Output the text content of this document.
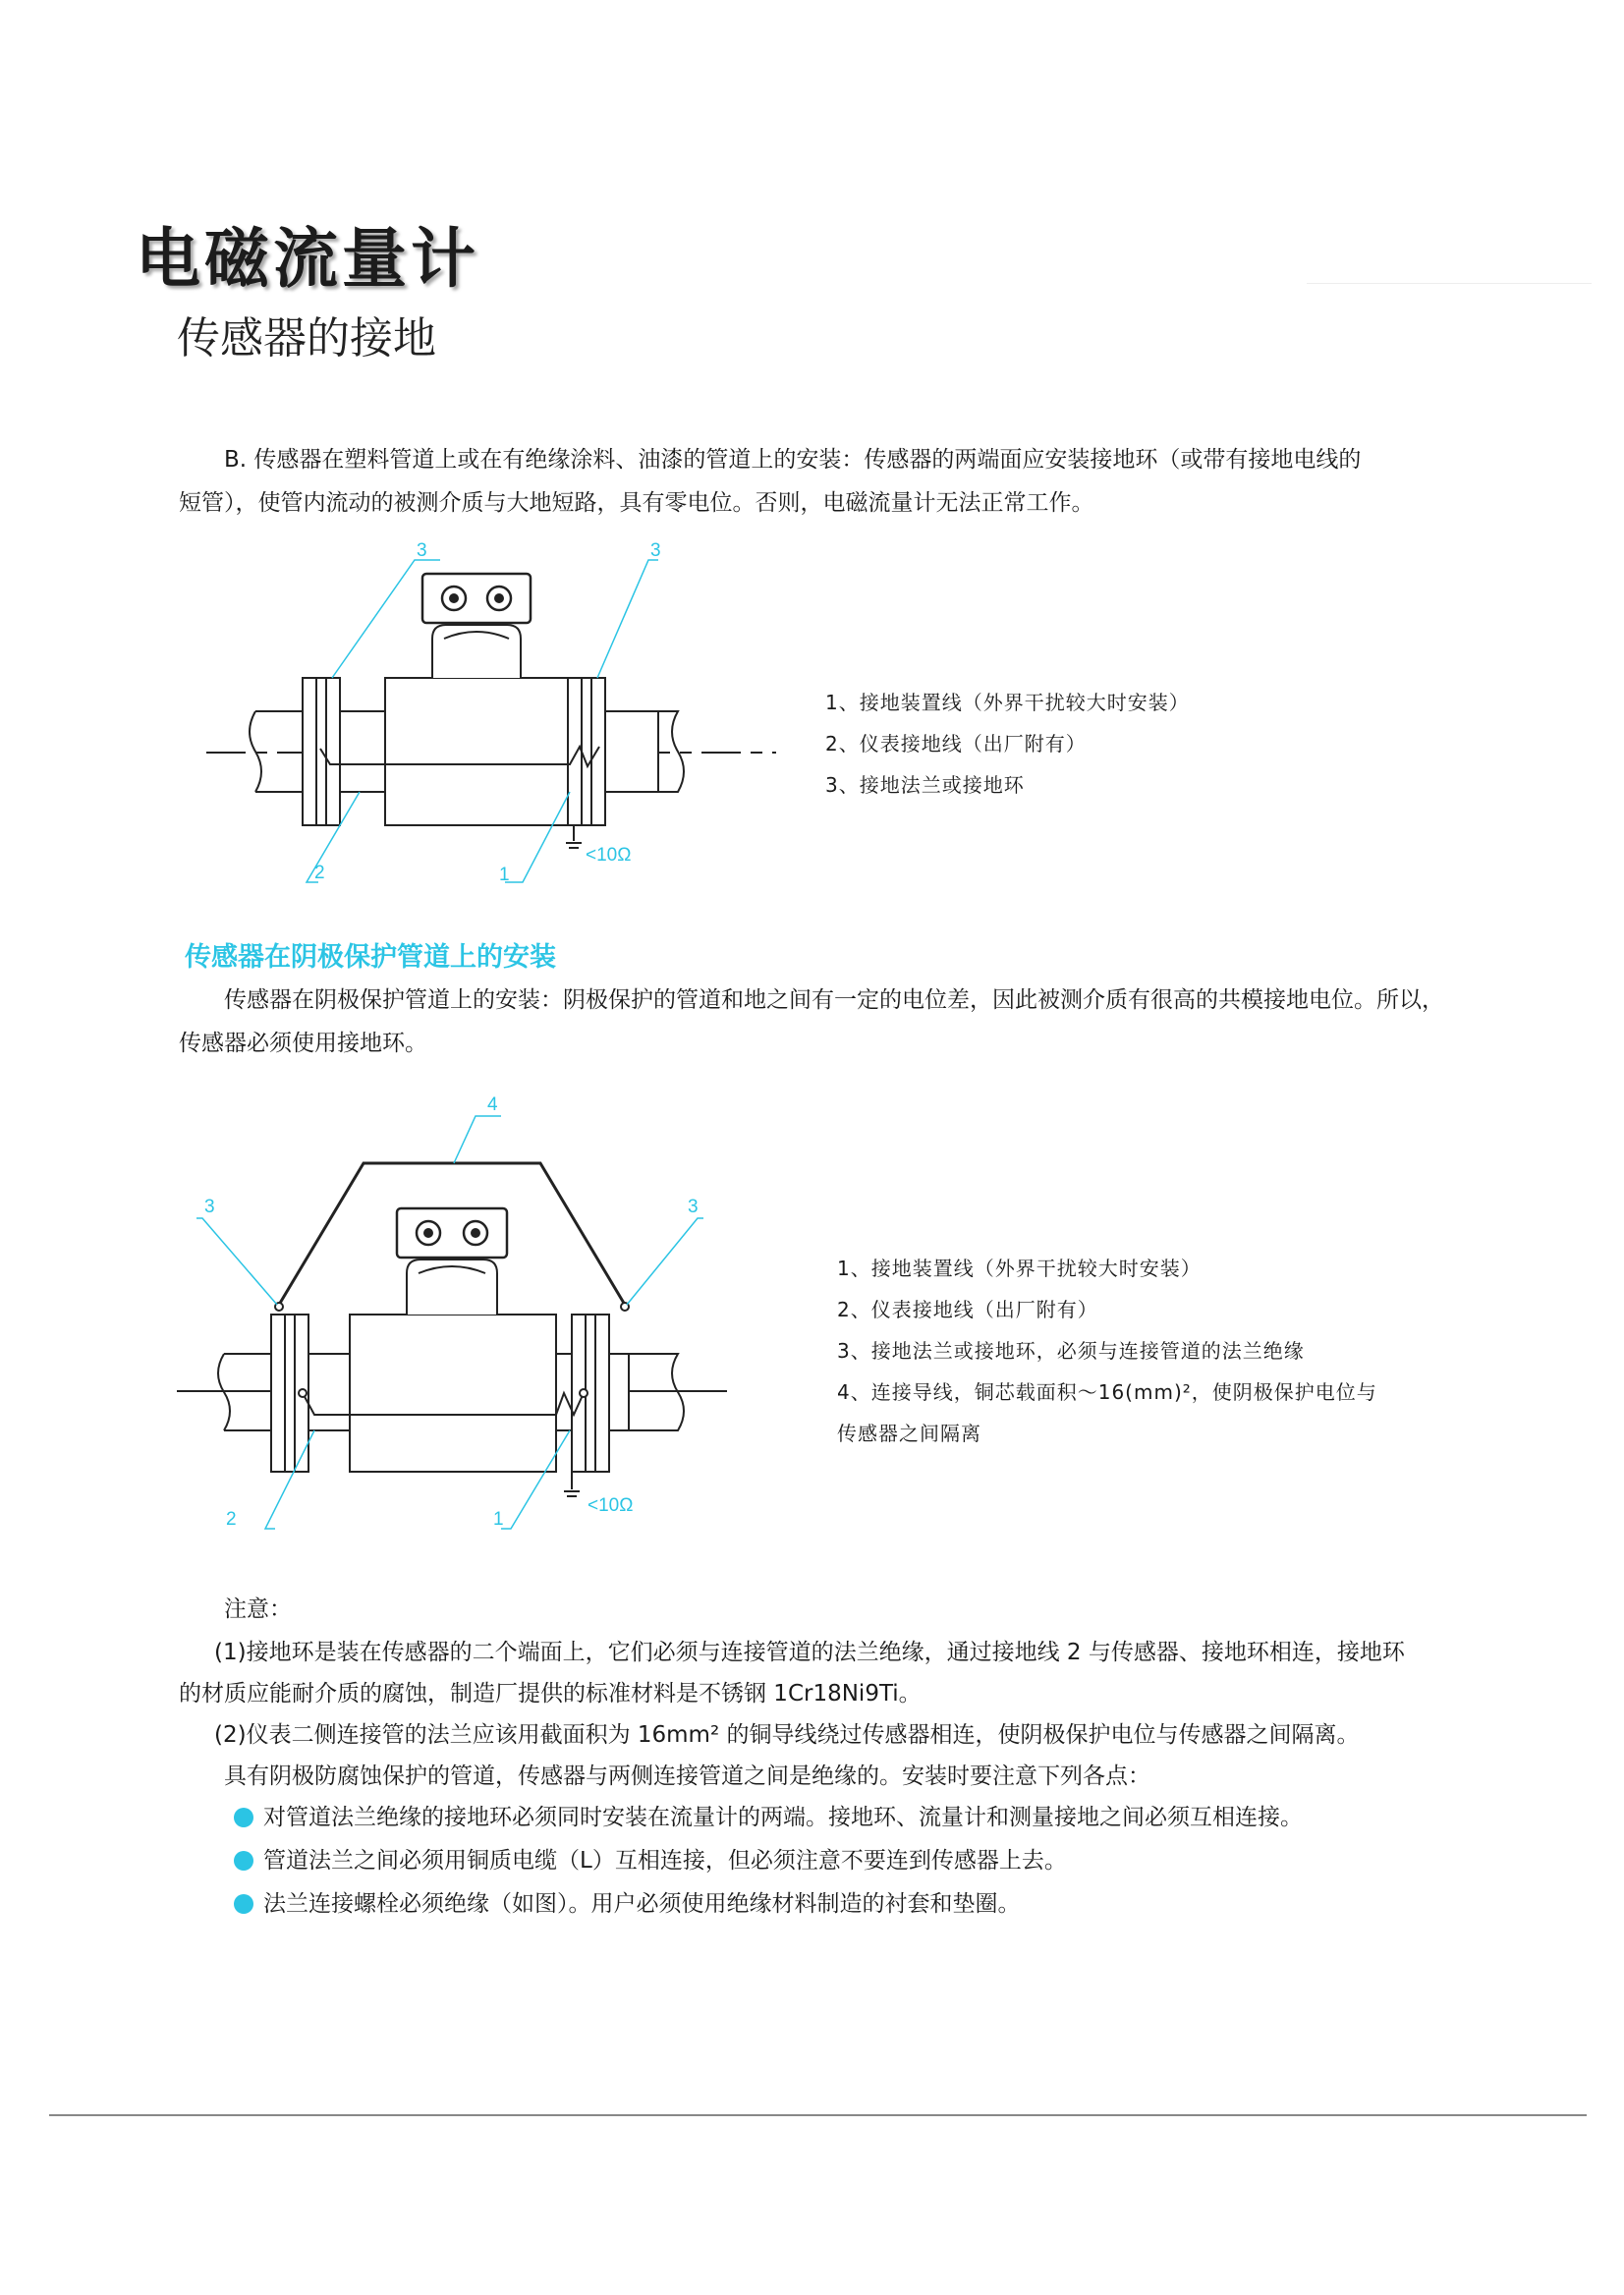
电磁流量计
传感器的接地
B. 传感器在塑料管道上或在有绝缘涂料、油漆的管道上的安装：传感器的两端面应安装接地环（或带有接地电线的
短管），使管内流动的被测介质与大地短路，具有零电位。否则，电磁流量计无法正常工作。
<10Ω
3	3
2	1
1、接地装置线（外界干扰较大时安装）
2、仪表接地线（出厂附有）
3、接地法兰或接地环
传感器在阴极保护管道上的安装
传感器在阴极保护管道上的安装：阴极保护的管道和地之间有一定的电位差，因此被测介质有很高的共模接地电位。所以，
传感器必须使用接地环。
<10Ω
4
3	3
2	1
1、接地装置线（外界干扰较大时安装）
2、仪表接地线（出厂附有）
3、接地法兰或接地环，必须与连接管道的法兰绝缘
4、连接导线，铜芯载面积～16(mm)²，使阴极保护电位与
传感器之间隔离
注意：
(1)接地环是装在传感器的二个端面上，它们必须与连接管道的法兰绝缘，通过接地线 2 与传感器、接地环相连，接地环
的材质应能耐介质的腐蚀，制造厂提供的标准材料是不锈钢 1Cr18Ni9Ti。
(2)仪表二侧连接管的法兰应该用截面积为 16mm² 的铜导线绕过传感器相连，使阴极保护电位与传感器之间隔离。
具有阴极防腐蚀保护的管道，传感器与两侧连接管道之间是绝缘的。安装时要注意下列各点：
对管道法兰绝缘的接地环必须同时安装在流量计的两端。接地环、流量计和测量接地之间必须互相连接。
管道法兰之间必须用铜质电缆（L）互相连接，但必须注意不要连到传感器上去。
法兰连接螺栓必须绝缘（如图）。用户必须使用绝缘材料制造的衬套和垫圈。
